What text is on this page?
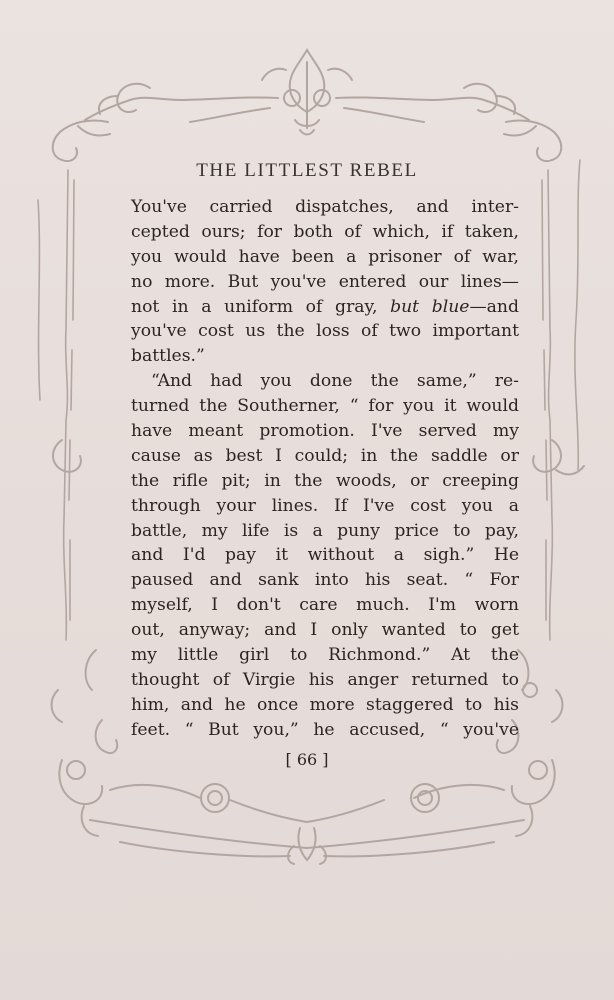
THE LITTLEST REBEL
You've carried dispatches, and inter-
cepted ours; for both of which, if taken,
you would have been a prisoner of war,
no more. But you've entered our lines—
not in a uniform of gray, but blue—and
you've cost us the loss of two important
battles.”
“And had you done the same,” re-
turned the Southerner, “ for you it would
have meant promotion. I've served my
cause as best I could; in the saddle or
the rifle pit; in the woods, or creeping
through your lines. If I've cost you a
battle, my life is a puny price to pay,
and I'd pay it without a sigh.” He
paused and sank into his seat. “ For
myself, I don't care much. I'm worn
out, anyway; and I only wanted to get
my little girl to Richmond.” At the
thought of Virgie his anger returned to
him, and he once more staggered to his
feet. “ But you,” he accused, “ you've
[ 66 ]
